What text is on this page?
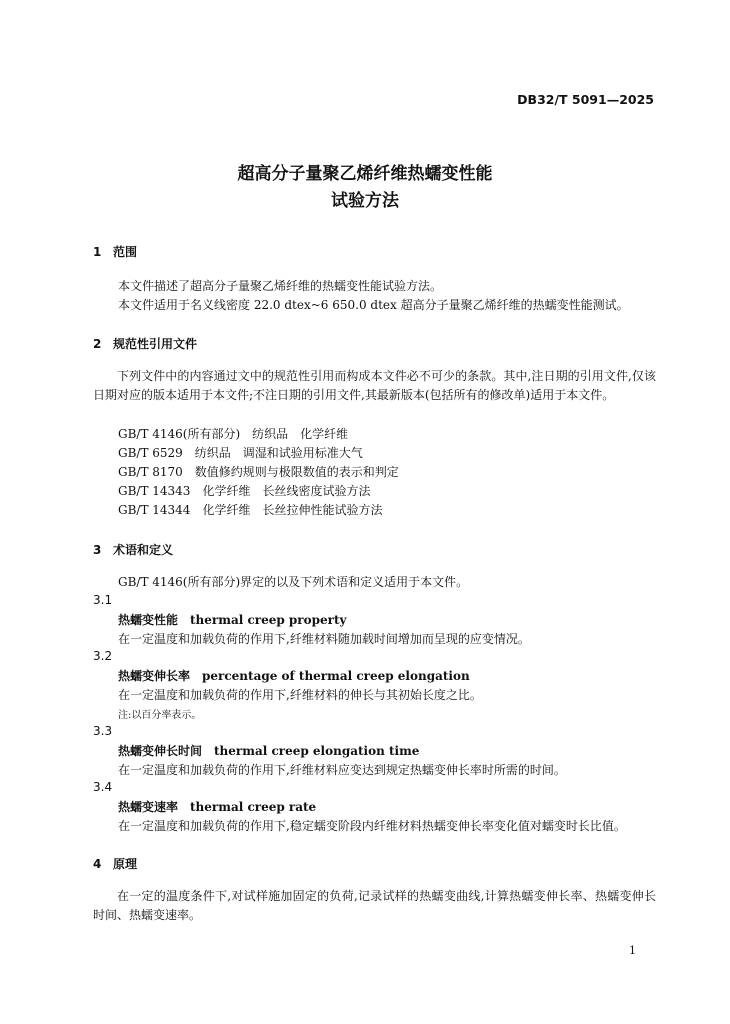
DB32/T 5091—2025
超高分子量聚乙烯纤维热蠕变性能
试验方法
1 范围

本文件描述了超高分子量聚乙烯纤维的热蠕变性能试验方法。

本文件适用于名义线密度 22.0 dtex~6 650.0 dtex 超高分子量聚乙烯纤维的热蠕变性能测试。

2 规范性引用文件

下列文件中的内容通过文中的规范性引用而构成本文件必不可少的条款。其中,注日期的引用文件,仅该日期对应的版本适用于本文件;不注日期的引用文件,其最新版本(包括所有的修改单)适用于本文件。

GB/T 4146(所有部分)　纺织品　化学纤维

GB/T 6529　纺织品　调湿和试验用标准大气

GB/T 8170　数值修约规则与极限数值的表示和判定

GB/T 14343　化学纤维　长丝线密度试验方法

GB/T 14344　化学纤维　长丝拉伸性能试验方法

3 术语和定义

GB/T 4146(所有部分)界定的以及下列术语和定义适用于本文件。

3.1
热蠕变性能 thermal creep property

在一定温度和加载负荷的作用下,纤维材料随加载时间增加而呈现的应变情况。

3.2
热蠕变伸长率 percentage of thermal creep elongation

在一定温度和加载负荷的作用下,纤维材料的伸长与其初始长度之比。

注:以百分率表示。
3.3
热蠕变伸长时间 thermal creep elongation time

在一定温度和加载负荷的作用下,纤维材料应变达到规定热蠕变伸长率时所需的时间。

3.4
热蠕变速率 thermal creep rate

在一定温度和加载负荷的作用下,稳定蠕变阶段内纤维材料热蠕变伸长率变化值对蠕变时长比值。

4 原理

在一定的温度条件下,对试样施加固定的负荷,记录试样的热蠕变曲线,计算热蠕变伸长率、热蠕变伸长时间、热蠕变速率。

1
